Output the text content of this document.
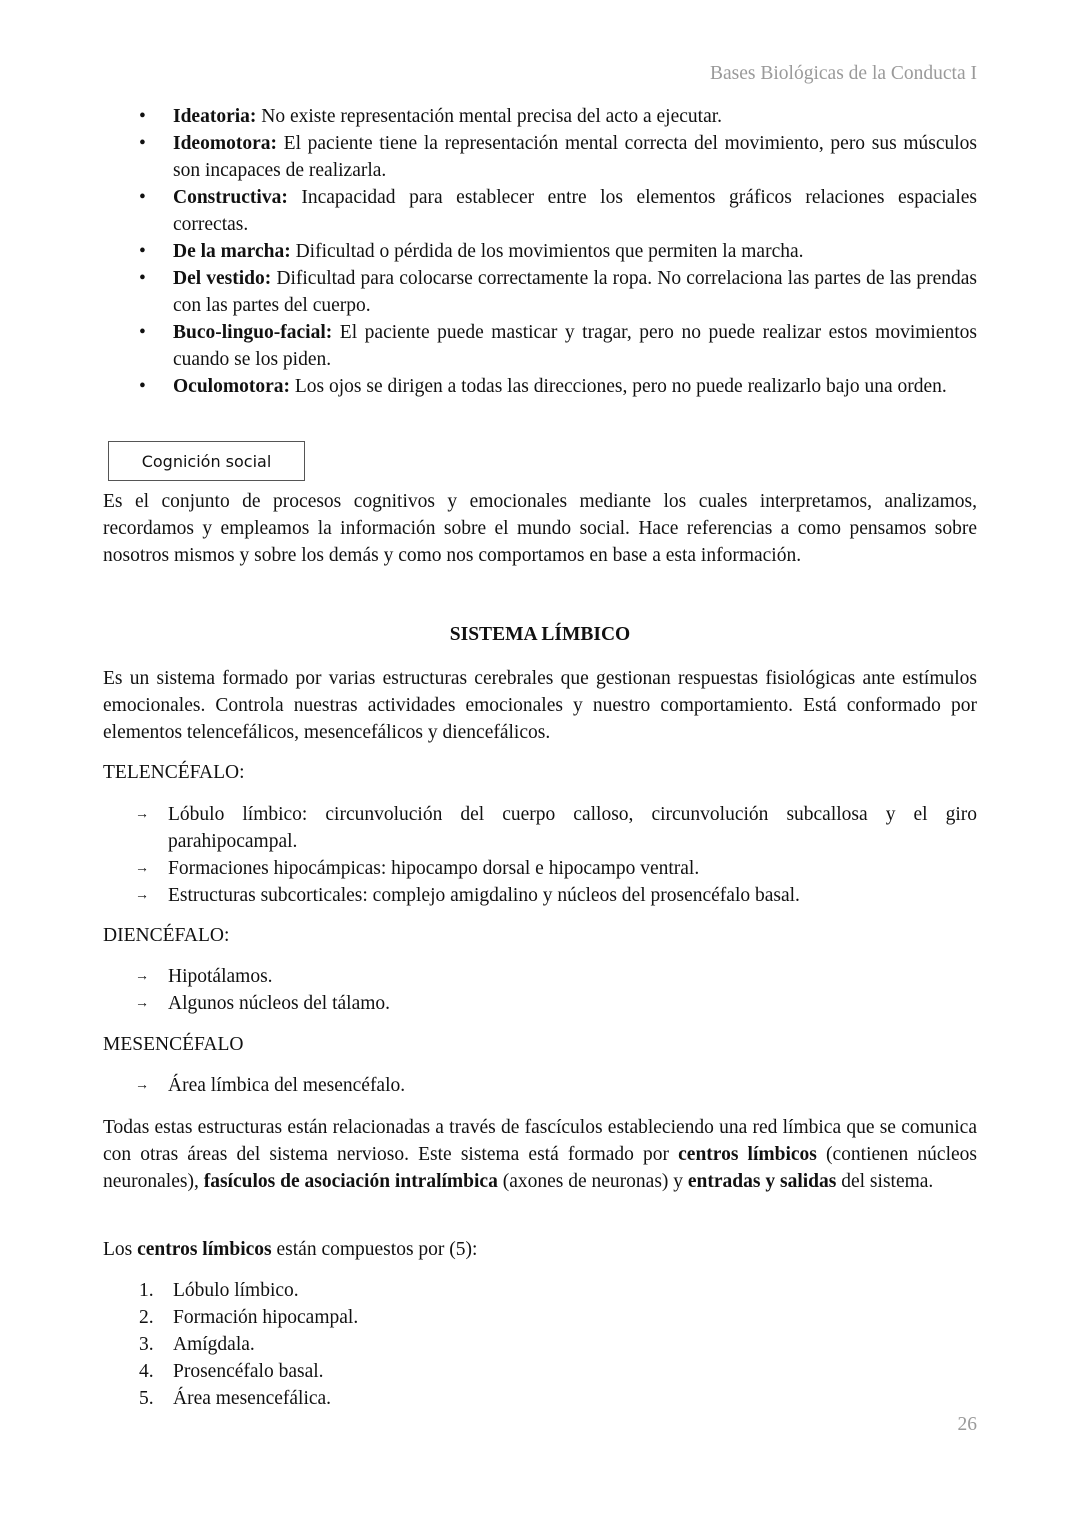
Bases Biológicas de la Conducta I
• Ideatoria: No existe representación mental precisa del acto a ejecutar.
• Ideomotora: El paciente tiene la representación mental correcta del movimiento, pero sus músculos son incapaces de realizarla.
• Constructiva: Incapacidad para establecer entre los elementos gráficos relaciones espaciales correctas.
• De la marcha: Dificultad o pérdida de los movimientos que permiten la marcha.
• Del vestido: Dificultad para colocarse correctamente la ropa. No correlaciona las partes de las prendas con las partes del cuerpo.
• Buco-linguo-facial: El paciente puede masticar y tragar, pero no puede realizar estos movimientos cuando se los piden.
• Oculomotora: Los ojos se dirigen a todas las direcciones, pero no puede realizarlo bajo una orden.
Cognición social
Es el conjunto de procesos cognitivos y emocionales mediante los cuales interpretamos, analizamos, recordamos y empleamos la información sobre el mundo social. Hace referencias a como pensamos sobre nosotros mismos y sobre los demás y como nos comportamos en base a esta información.
SISTEMA LÍMBICO
Es un sistema formado por varias estructuras cerebrales que gestionan respuestas fisiológicas ante estímulos emocionales. Controla nuestras actividades emocionales y nuestro comportamiento. Está conformado por elementos telencefálicos, mesencefálicos y diencefálicos.
TELENCÉFALO:
→ Lóbulo límbico: circunvolución del cuerpo calloso, circunvolución subcallosa y el giro parahipocampal.
→ Formaciones hipocámpicas: hipocampo dorsal e hipocampo ventral.
→ Estructuras subcorticales: complejo amigdalino y núcleos del prosencéfalo basal.
DIENCÉFALO:
→ Hipotálamos.
→ Algunos núcleos del tálamo.
MESENCÉFALO
→ Área límbica del mesencéfalo.
Todas estas estructuras están relacionadas a través de fascículos estableciendo una red límbica que se comunica con otras áreas del sistema nervioso. Este sistema está formado por centros límbicos (contienen núcleos neuronales), fasículos de asociación intralímbica (axones de neuronas) y entradas y salidas del sistema.
Los centros límbicos están compuestos por (5):
1. Lóbulo límbico.
2. Formación hipocampal.
3. Amígdala.
4. Prosencéfalo basal.
5. Área mesencefálica.
26
